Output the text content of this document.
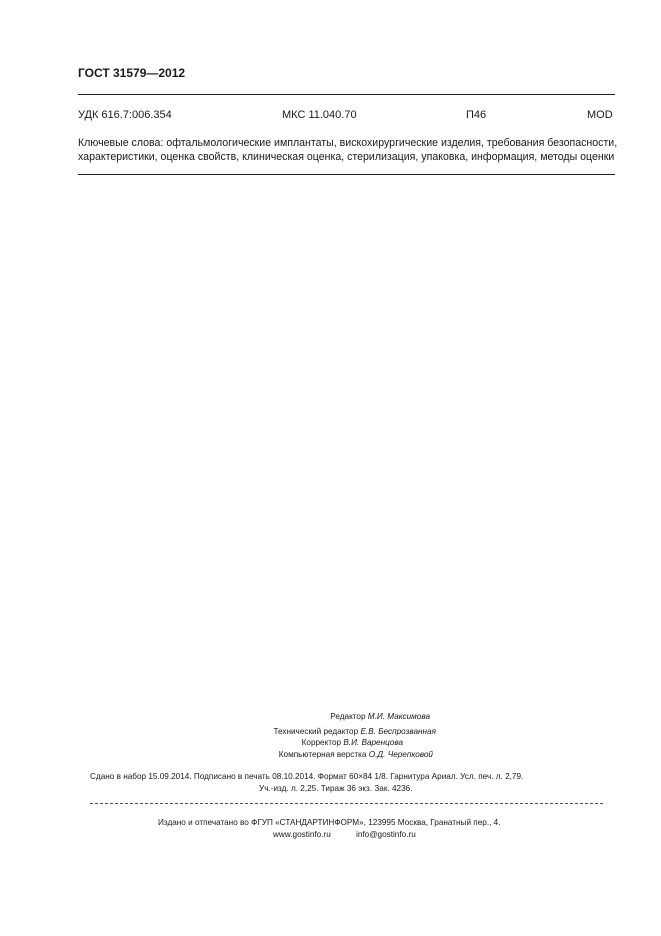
ГОСТ 31579—2012
УДК 616.7:006.354	МКС 11.040.70	П46	MOD
Ключевые слова: офтальмологические имплантаты, вискохирургические изделия, требования безопасности,
характеристики, оценка свойств, клиническая оценка, стерилизация, упаковка, информация, методы оценки
Редактор М.И. Максимова
Технический редактор Е.В. Беспрозванная
Корректор В.И. Варенцова
Компьютерная верстка О.Д. Черепковой
Сдано в набор 15.09.2014. Подписано в печать 08.10.2014. Формат 60×84 1/8. Гарнитура Ариал. Усл. печ. л. 2,79.
Уч.-изд. л. 2,25. Тираж 36 экз. Зак. 4236.
Издано и отпечатано во ФГУП «СТАНДАРТИНФОРМ», 123995 Москва, Гранатный пер., 4.
www.gostinfo.ru	info@gostinfo.ru
